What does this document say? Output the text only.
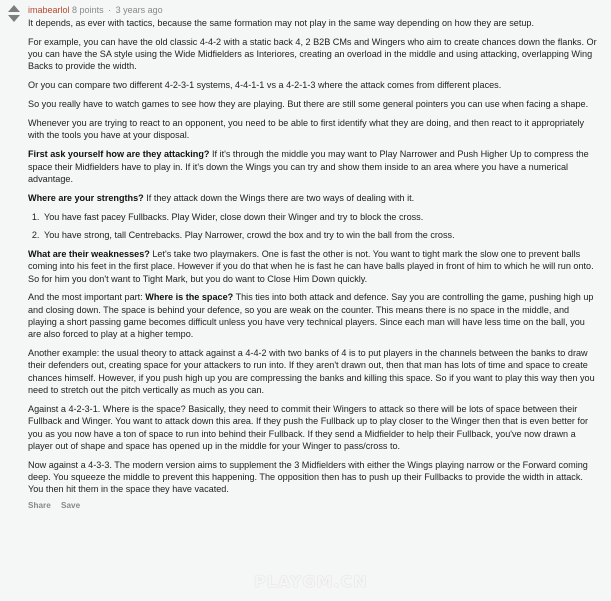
imabearlol 8 points · 3 years ago

It depends, as ever with tactics, because the same formation may not play in the same way depending on how they are setup.

For example, you can have the old classic 4-4-2 with a static back 4, 2 B2B CMs and Wingers who aim to create chances down the flanks. Or you can have the SA style using the Wide Midfielders as Interiores, creating an overload in the middle and using attacking, overlapping Wing Backs to provide the width.

Or you can compare two different 4-2-3-1 systems, 4-4-1-1 vs a 4-2-1-3 where the attack comes from different places.

So you really have to watch games to see how they are playing. But there are still some general pointers you can use when facing a shape.

Whenever you are trying to react to an opponent, you need to be able to first identify what they are doing, and then react to it appropriately with the tools you have at your disposal.

First ask yourself how are they attacking? If it's through the middle you may want to Play Narrower and Push Higher Up to compress the space their Midfielders have to play in. If it's down the Wings you can try and show them inside to an area where you have a numerical advantage.

Where are your strengths? If they attack down the Wings there are two ways of dealing with it.

1. You have fast pacey Fullbacks. Play Wider, close down their Winger and try to block the cross.
2. You have strong, tall Centrebacks. Play Narrower, crowd the box and try to win the ball from the cross.

What are their weaknesses? Let's take two playmakers. One is fast the other is not. You want to tight mark the slow one to prevent balls coming into his feet in the first place. However if you do that when he is fast he can have balls played in front of him to which he will run onto. So for him you don't want to Tight Mark, but you do want to Close Him Down quickly.

And the most important part: Where is the space? This ties into both attack and defence. Say you are controlling the game, pushing high up and closing down. The space is behind your defence, so you are weak on the counter. This means there is no space in the middle, and playing a short passing game becomes difficult unless you have very technical players. Since each man will have less time on the ball, you are also forced to play at a higher tempo.

Another example: the usual theory to attack against a 4-4-2 with two banks of 4 is to put players in the channels between the banks to draw their defenders out, creating space for your attackers to run into. If they aren't drawn out, then that man has lots of time and space to create chances himself. However, if you push high up you are compressing the banks and killing this space. So if you want to play this way then you need to stretch out the pitch vertically as much as you can.

Against a 4-2-3-1. Where is the space? Basically, they need to commit their Wingers to attack so there will be lots of space between their Fullback and Winger. You want to attack down this area. If they push the Fullback up to play closer to the Winger then that is even better for you as you now have a ton of space to run into behind their Fullback. If they send a Midfielder to help their Fullback, you've now drawn a player out of shape and space has opened up in the middle for your Winger to pass/cross to.

Now against a 4-3-3. The modern version aims to supplement the 3 Midfielders with either the Wings playing narrow or the Forward coming deep. You squeeze the middle to prevent this happening. The opposition then has to push up their Fullbacks to provide the width in attack. You then hit them in the space they have vacated.

Share Save
PLAYGM.CN
